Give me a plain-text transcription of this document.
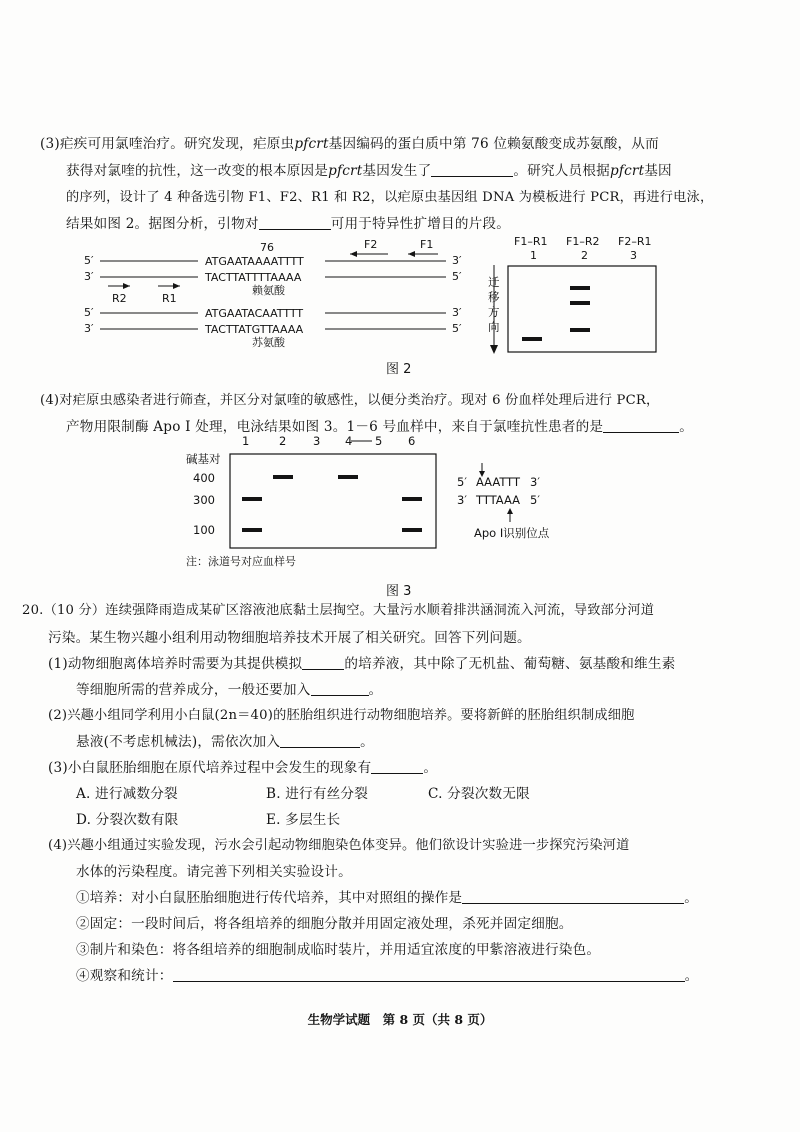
(3)疟疾可用氯喹治疗。研究发现，疟原虫pfcrt基因编码的蛋白质中第 76 位赖氨酸变成苏氨酸，从而
获得对氯喹的抗性，这一改变的根本原因是pfcrt基因发生了	。研究人员根据pfcrt基因
的序列，设计了 4 种备选引物 F1、F2、R1 和 R2，以疟原虫基因组 DNA 为模板进行 PCR，再进行电泳，
结果如图 2。据图分析，引物对	可用于特异性扩增目的片段。
76	F2	F1
5′	ATGAATAAAATTTT	3′
3′	TACTTATTTTAAAA	5′
赖氨酸
R2	R1
5′	ATGAATACAATTTT	3′
3′	TACTTATGTTAAAA	5′
苏氨酸
F1–R1 F1–R2 F2–R1
1	2	3
迁
移
方
向
图 2
(4)对疟原虫感染者进行筛查，并区分对氯喹的敏感性，以便分类治疗。现对 6 份血样处理后进行 PCR，
产物用限制酶 Apo Ⅰ 处理，电泳结果如图 3。1－6 号血样中，来自于氯喹抗性患者的是	。
1	2 3 4 5 6
碱基对
400
300
100
5′ AAATTT 3′
3′ TTTAAA 5′
Apo Ⅰ识别位点
注：泳道号对应血样号
图 3
20.（10 分）连续强降雨造成某矿区溶液池底黏土层掏空。大量污水顺着排洪涵洞流入河流，导致部分河道
污染。某生物兴趣小组利用动物细胞培养技术开展了相关研究。回答下列问题。
(1)动物细胞离体培养时需要为其提供模拟	的培养液，其中除了无机盐、葡萄糖、氨基酸和维生素
等细胞所需的营养成分，一般还要加入	。
(2)兴趣小组同学利用小白鼠(2n＝40)的胚胎组织进行动物细胞培养。要将新鲜的胚胎组织制成细胞
悬液(不考虑机械法)，需依次加入	。
(3)小白鼠胚胎细胞在原代培养过程中会发生的现象有	。
A. 进行减数分裂	B. 进行有丝分裂	C. 分裂次数无限
D. 分裂次数有限	E. 多层生长
(4)兴趣小组通过实验发现，污水会引起动物细胞染色体变异。他们欲设计实验进一步探究污染河道
水体的污染程度。请完善下列相关实验设计。
①培养：对小白鼠胚胎细胞进行传代培养，其中对照组的操作是	。
②固定：一段时间后，将各组培养的细胞分散并用固定液处理，杀死并固定细胞。
③制片和染色：将各组培养的细胞制成临时装片，并用适宜浓度的甲紫溶液进行染色。
④观察和统计：	。
生物学试题　第 8 页（共 8 页）
